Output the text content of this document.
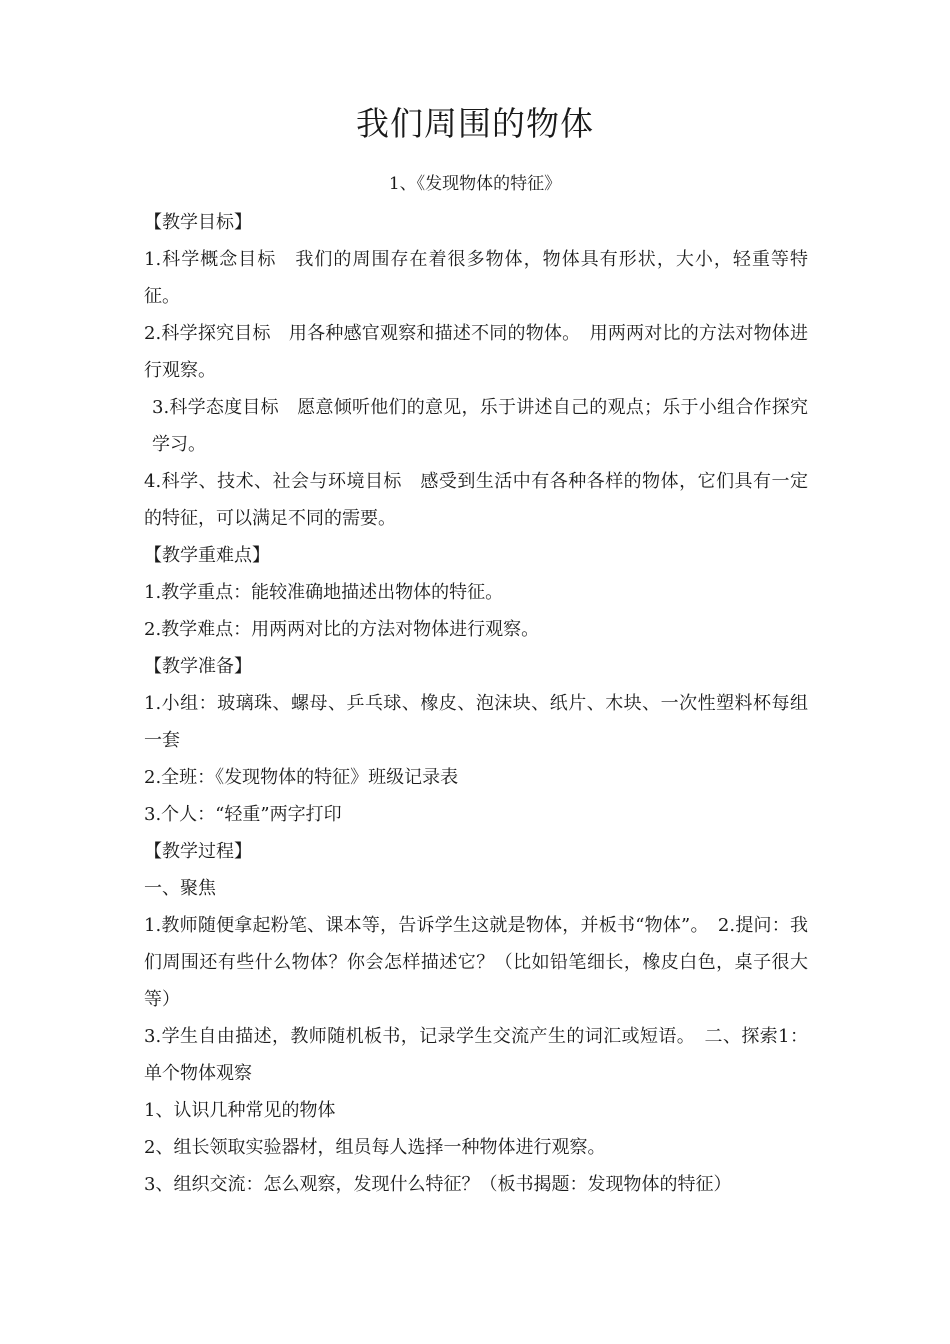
我们周围的物体
1、《发现物体的特征》

【教学目标】

1.科学概念目标　我们的周围存在着很多物体，物体具有形状，大小，轻重等特征。

2.科学探究目标　用各种感官观察和描述不同的物体。　用两两对比的方法对物体进行观察。

3.科学态度目标　愿意倾听他们的意见，乐于讲述自己的观点；乐于小组合作探究学习。

4.科学、技术、社会与环境目标　感受到生活中有各种各样的物体，它们具有一定的特征，可以满足不同的需要。

【教学重难点】

1.教学重点：能较准确地描述出物体的特征。

2.教学难点：用两两对比的方法对物体进行观察。

【教学准备】

1.小组：玻璃珠、螺母、乒乓球、橡皮、泡沫块、纸片、木块、一次性塑料杯每组一套

2.全班：《发现物体的特征》班级记录表

3.个人：“轻重”两字打印

【教学过程】

一、聚焦

1.教师随便拿起粉笔、课本等，告诉学生这就是物体，并板书“物体”。　2.提问：我们周围还有些什么物体？你会怎样描述它？（比如铅笔细长，橡皮白色，桌子很大等）

3.学生自由描述，教师随机板书，记录学生交流产生的词汇或短语。　二、探索1：单个物体观察

1、认识几种常见的物体

2、组长领取实验器材，组员每人选择一种物体进行观察。

3、组织交流：怎么观察，发现什么特征？（板书揭题：发现物体的特征）
